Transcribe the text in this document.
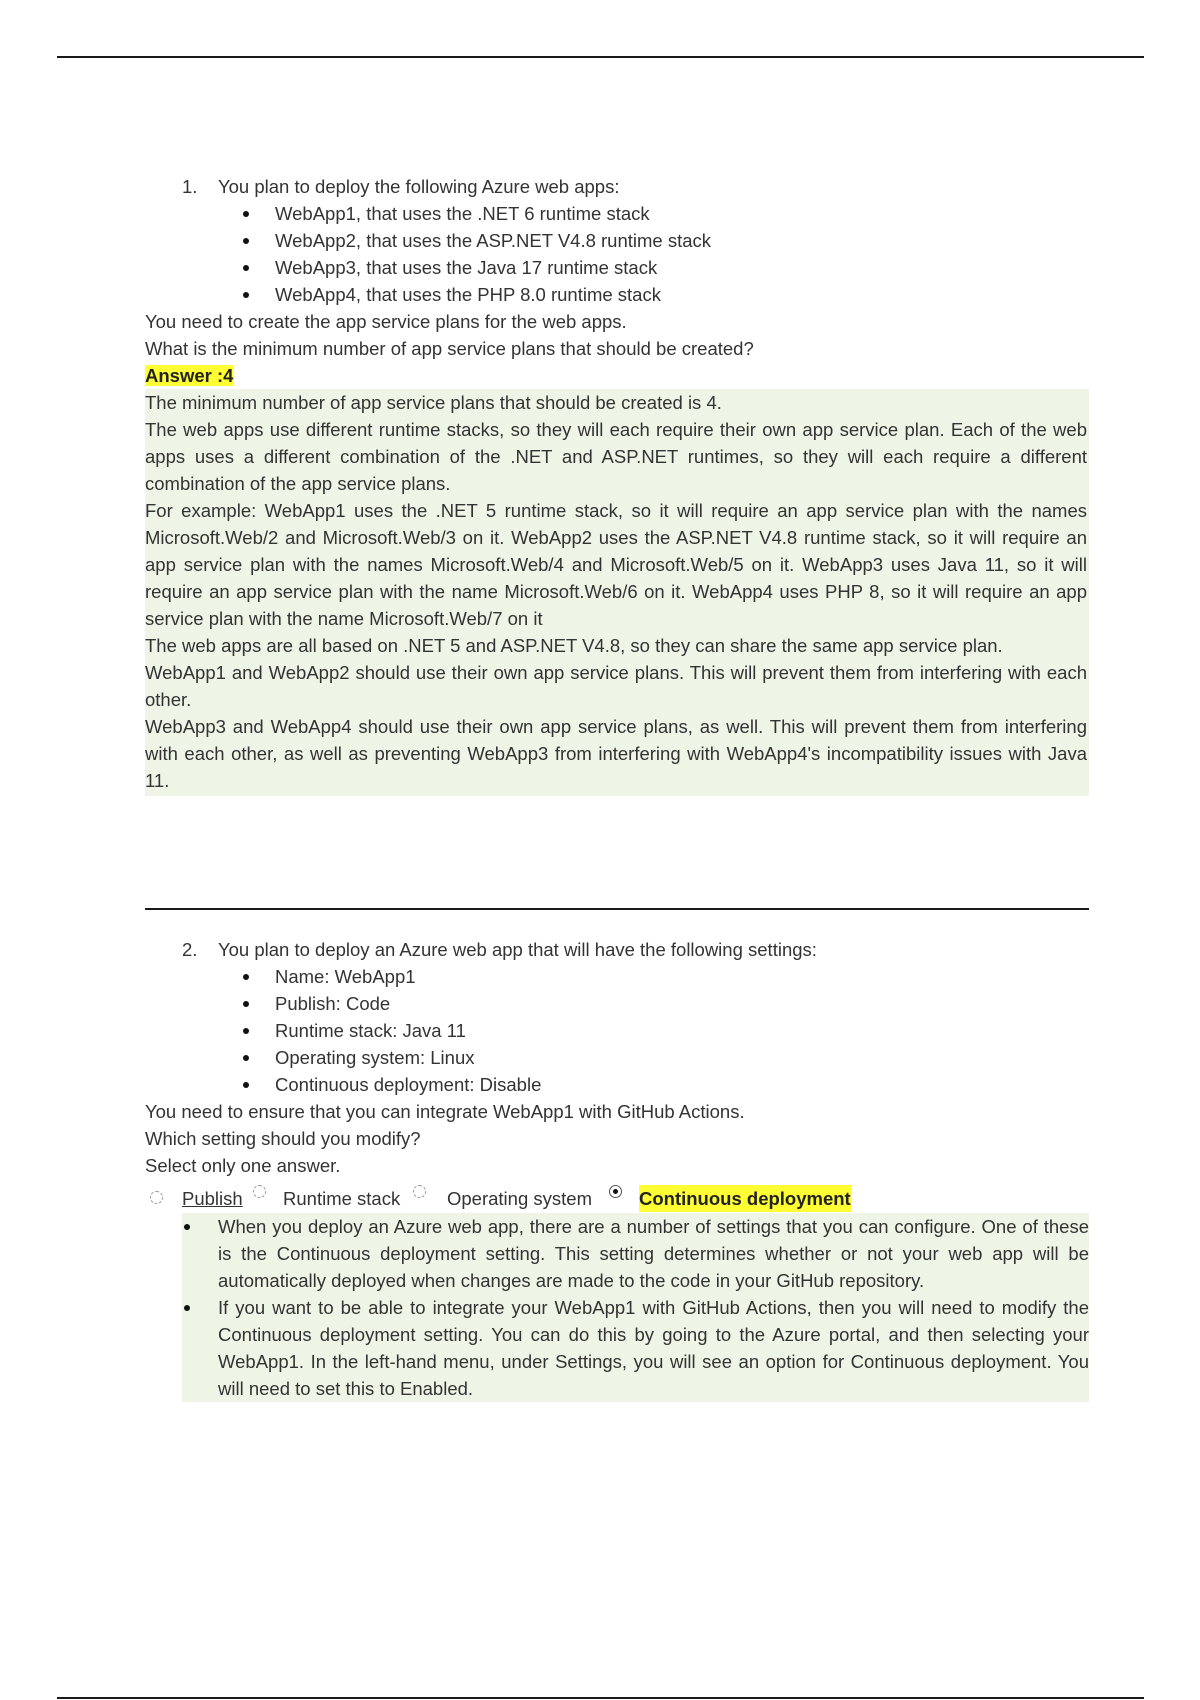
1. You plan to deploy the following Azure web apps:

WebApp1, that uses the .NET 6 runtime stack
WebApp2, that uses the ASP.NET V4.8 runtime stack
WebApp3, that uses the Java 17 runtime stack
WebApp4, that uses the PHP 8.0 runtime stack

You need to create the app service plans for the web apps.

What is the minimum number of app service plans that should be created?

Answer :4

The minimum number of app service plans that should be created is 4.

The web apps use different runtime stacks, so they will each require their own app service plan. Each of the web apps uses a different combination of the .NET and ASP.NET runtimes, so they will each require a different combination of the app service plans.

For example: WebApp1 uses the .NET 5 runtime stack, so it will require an app service plan with the names Microsoft.Web/2 and Microsoft.Web/3 on it. WebApp2 uses the ASP.NET V4.8 runtime stack, so it will require an app service plan with the names Microsoft.Web/4 and Microsoft.Web/5 on it. WebApp3 uses Java 11, so it will require an app service plan with the name Microsoft.Web/6 on it. WebApp4 uses PHP 8, so it will require an app service plan with the name Microsoft.Web/7 on it

The web apps are all based on .NET 5 and ASP.NET V4.8, so they can share the same app service plan.

WebApp1 and WebApp2 should use their own app service plans. This will prevent them from interfering with each other.

WebApp3 and WebApp4 should use their own app service plans, as well. This will prevent them from interfering with each other, as well as preventing WebApp3 from interfering with WebApp4's incompatibility issues with Java 11.

2. You plan to deploy an Azure web app that will have the following settings:

Name: WebApp1
Publish: Code
Runtime stack: Java 11
Operating system: Linux
Continuous deployment: Disable

You need to ensure that you can integrate WebApp1 with GitHub Actions.

Which setting should you modify?

Select only one answer.

Publish Runtime stack	Operating system	Continuous deployment
When you deploy an Azure web app, there are a number of settings that you can configure. One of these is the Continuous deployment setting. This setting determines whether or not your web app will be automatically deployed when changes are made to the code in your GitHub repository.
If you want to be able to integrate your WebApp1 with GitHub Actions, then you will need to modify the Continuous deployment setting. You can do this by going to the Azure portal, and then selecting your WebApp1. In the left-hand menu, under Settings, you will see an option for Continuous deployment. You will need to set this to Enabled.
